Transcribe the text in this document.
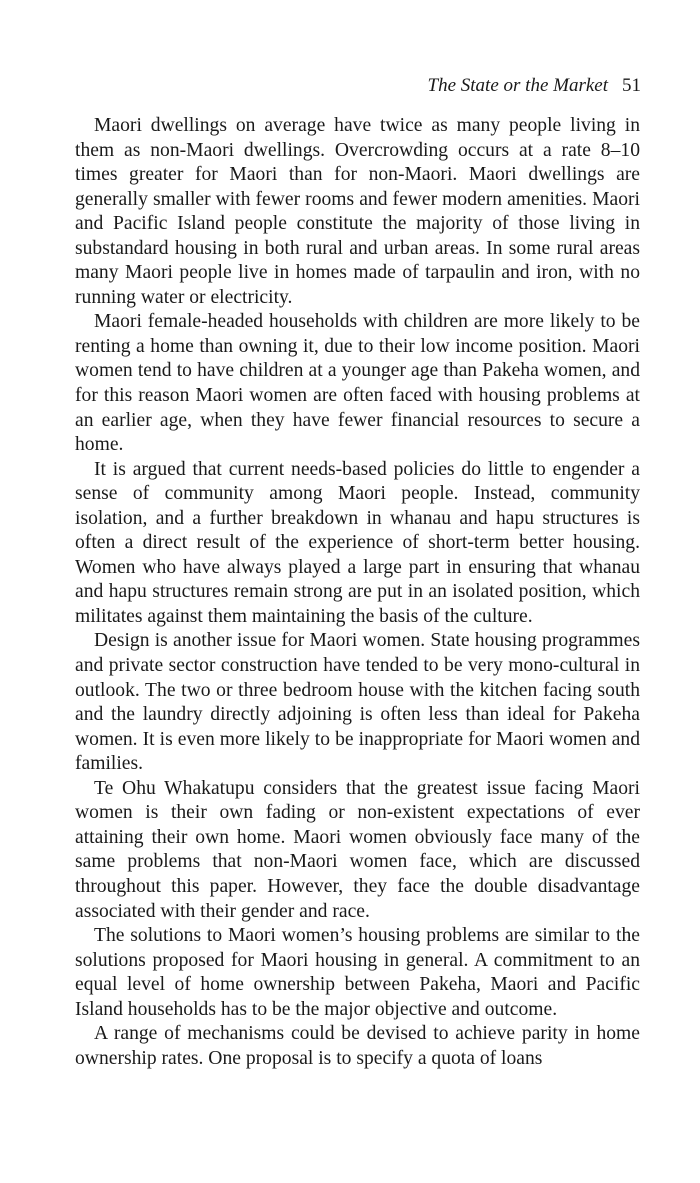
The State or the Market 51

Maori dwellings on average have twice as many people living in them as non-Maori dwellings. Overcrowding occurs at a rate 8–10 times greater for Maori than for non-Maori. Maori dwellings are generally smaller with fewer rooms and fewer modern amenities. Maori and Pacific Island people constitute the majority of those living in substandard housing in both rural and urban areas. In some rural areas many Maori people live in homes made of tarpaulin and iron, with no running water or electricity.

Maori female-headed households with children are more likely to be renting a home than owning it, due to their low income position. Maori women tend to have children at a younger age than Pakeha women, and for this reason Maori women are often faced with housing problems at an earlier age, when they have fewer financial resources to secure a home.

It is argued that current needs-based policies do little to engender a sense of community among Maori people. Instead, community isolation, and a further breakdown in whanau and hapu structures is often a direct result of the experience of short-term better housing. Women who have always played a large part in ensuring that whanau and hapu structures remain strong are put in an isolated position, which militates against them maintaining the basis of the culture.

Design is another issue for Maori women. State housing programmes and private sector construction have tended to be very mono-cultural in outlook. The two or three bedroom house with the kitchen facing south and the laundry directly adjoining is often less than ideal for Pakeha women. It is even more likely to be inappropriate for Maori women and families.

Te Ohu Whakatupu considers that the greatest issue facing Maori women is their own fading or non-existent expectations of ever attaining their own home. Maori women obviously face many of the same problems that non-Maori women face, which are discussed throughout this paper. However, they face the double disadvantage associated with their gender and race.

The solutions to Maori women’s housing problems are similar to the solutions proposed for Maori housing in general. A commitment to an equal level of home ownership between Pakeha, Maori and Pacific Island households has to be the major objective and outcome.

A range of mechanisms could be devised to achieve parity in home ownership rates. One proposal is to specify a quota of loans
